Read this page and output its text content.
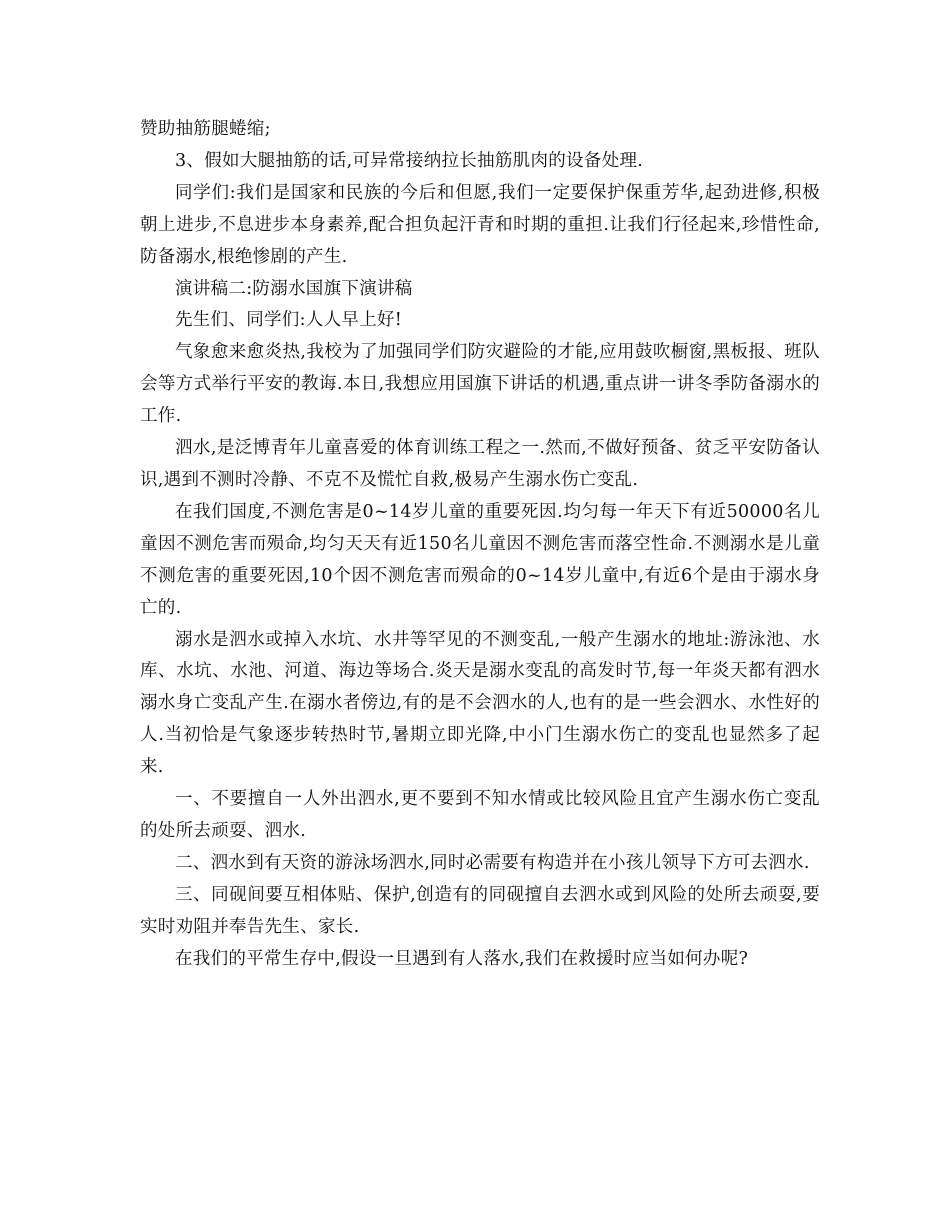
赞助抽筋腿蜷缩;

3、假如大腿抽筋的话,可异常接纳拉长抽筋肌肉的设备处理.

同学们:我们是国家和民族的今后和但愿,我们一定要保护保重芳华,起劲进修,积极朝上进步,不息进步本身素养,配合担负起汗青和时期的重担.让我们行径起来,珍惜性命,防备溺水,根绝惨剧的产生.

演讲稿二:防溺水国旗下演讲稿

先生们、同学们:人人早上好!

气象愈来愈炎热,我校为了加强同学们防灾避险的才能,应用鼓吹橱窗,黑板报、班队会等方式举行平安的教诲.本日,我想应用国旗下讲话的机遇,重点讲一讲冬季防备溺水的工作.

泗水,是泛博青年儿童喜爱的体育训练工程之一.然而,不做好预备、贫乏平安防备认识,遇到不测时冷静、不克不及慌忙自救,极易产生溺水伤亡变乱.

在我们国度,不测危害是0~14岁儿童的重要死因.均匀每一年天下有近50000名儿童因不测危害而殒命,均匀天天有近150名儿童因不测危害而落空性命.不测溺水是儿童不测危害的重要死因,10个因不测危害而殒命的0~14岁儿童中,有近6个是由于溺水身亡的.

溺水是泗水或掉入水坑、水井等罕见的不测变乱,一般产生溺水的地址:游泳池、水库、水坑、水池、河道、海边等场合.炎天是溺水变乱的高发时节,每一年炎天都有泗水溺水身亡变乱产生.在溺水者傍边,有的是不会泗水的人,也有的是一些会泗水、水性好的人.当初恰是气象逐步转热时节,暑期立即光降,中小门生溺水伤亡的变乱也显然多了起来.

一、不要擅自一人外出泗水,更不要到不知水情或比较风险且宜产生溺水伤亡变乱的处所去顽耍、泗水.

二、泗水到有天资的游泳场泗水,同时必需要有构造并在小孩儿领导下方可去泗水.

三、同砚间要互相体贴、保护,创造有的同砚擅自去泗水或到风险的处所去顽耍,要实时劝阻并奉告先生、家长.

在我们的平常生存中,假设一旦遇到有人落水,我们在救援时应当如何办呢?
